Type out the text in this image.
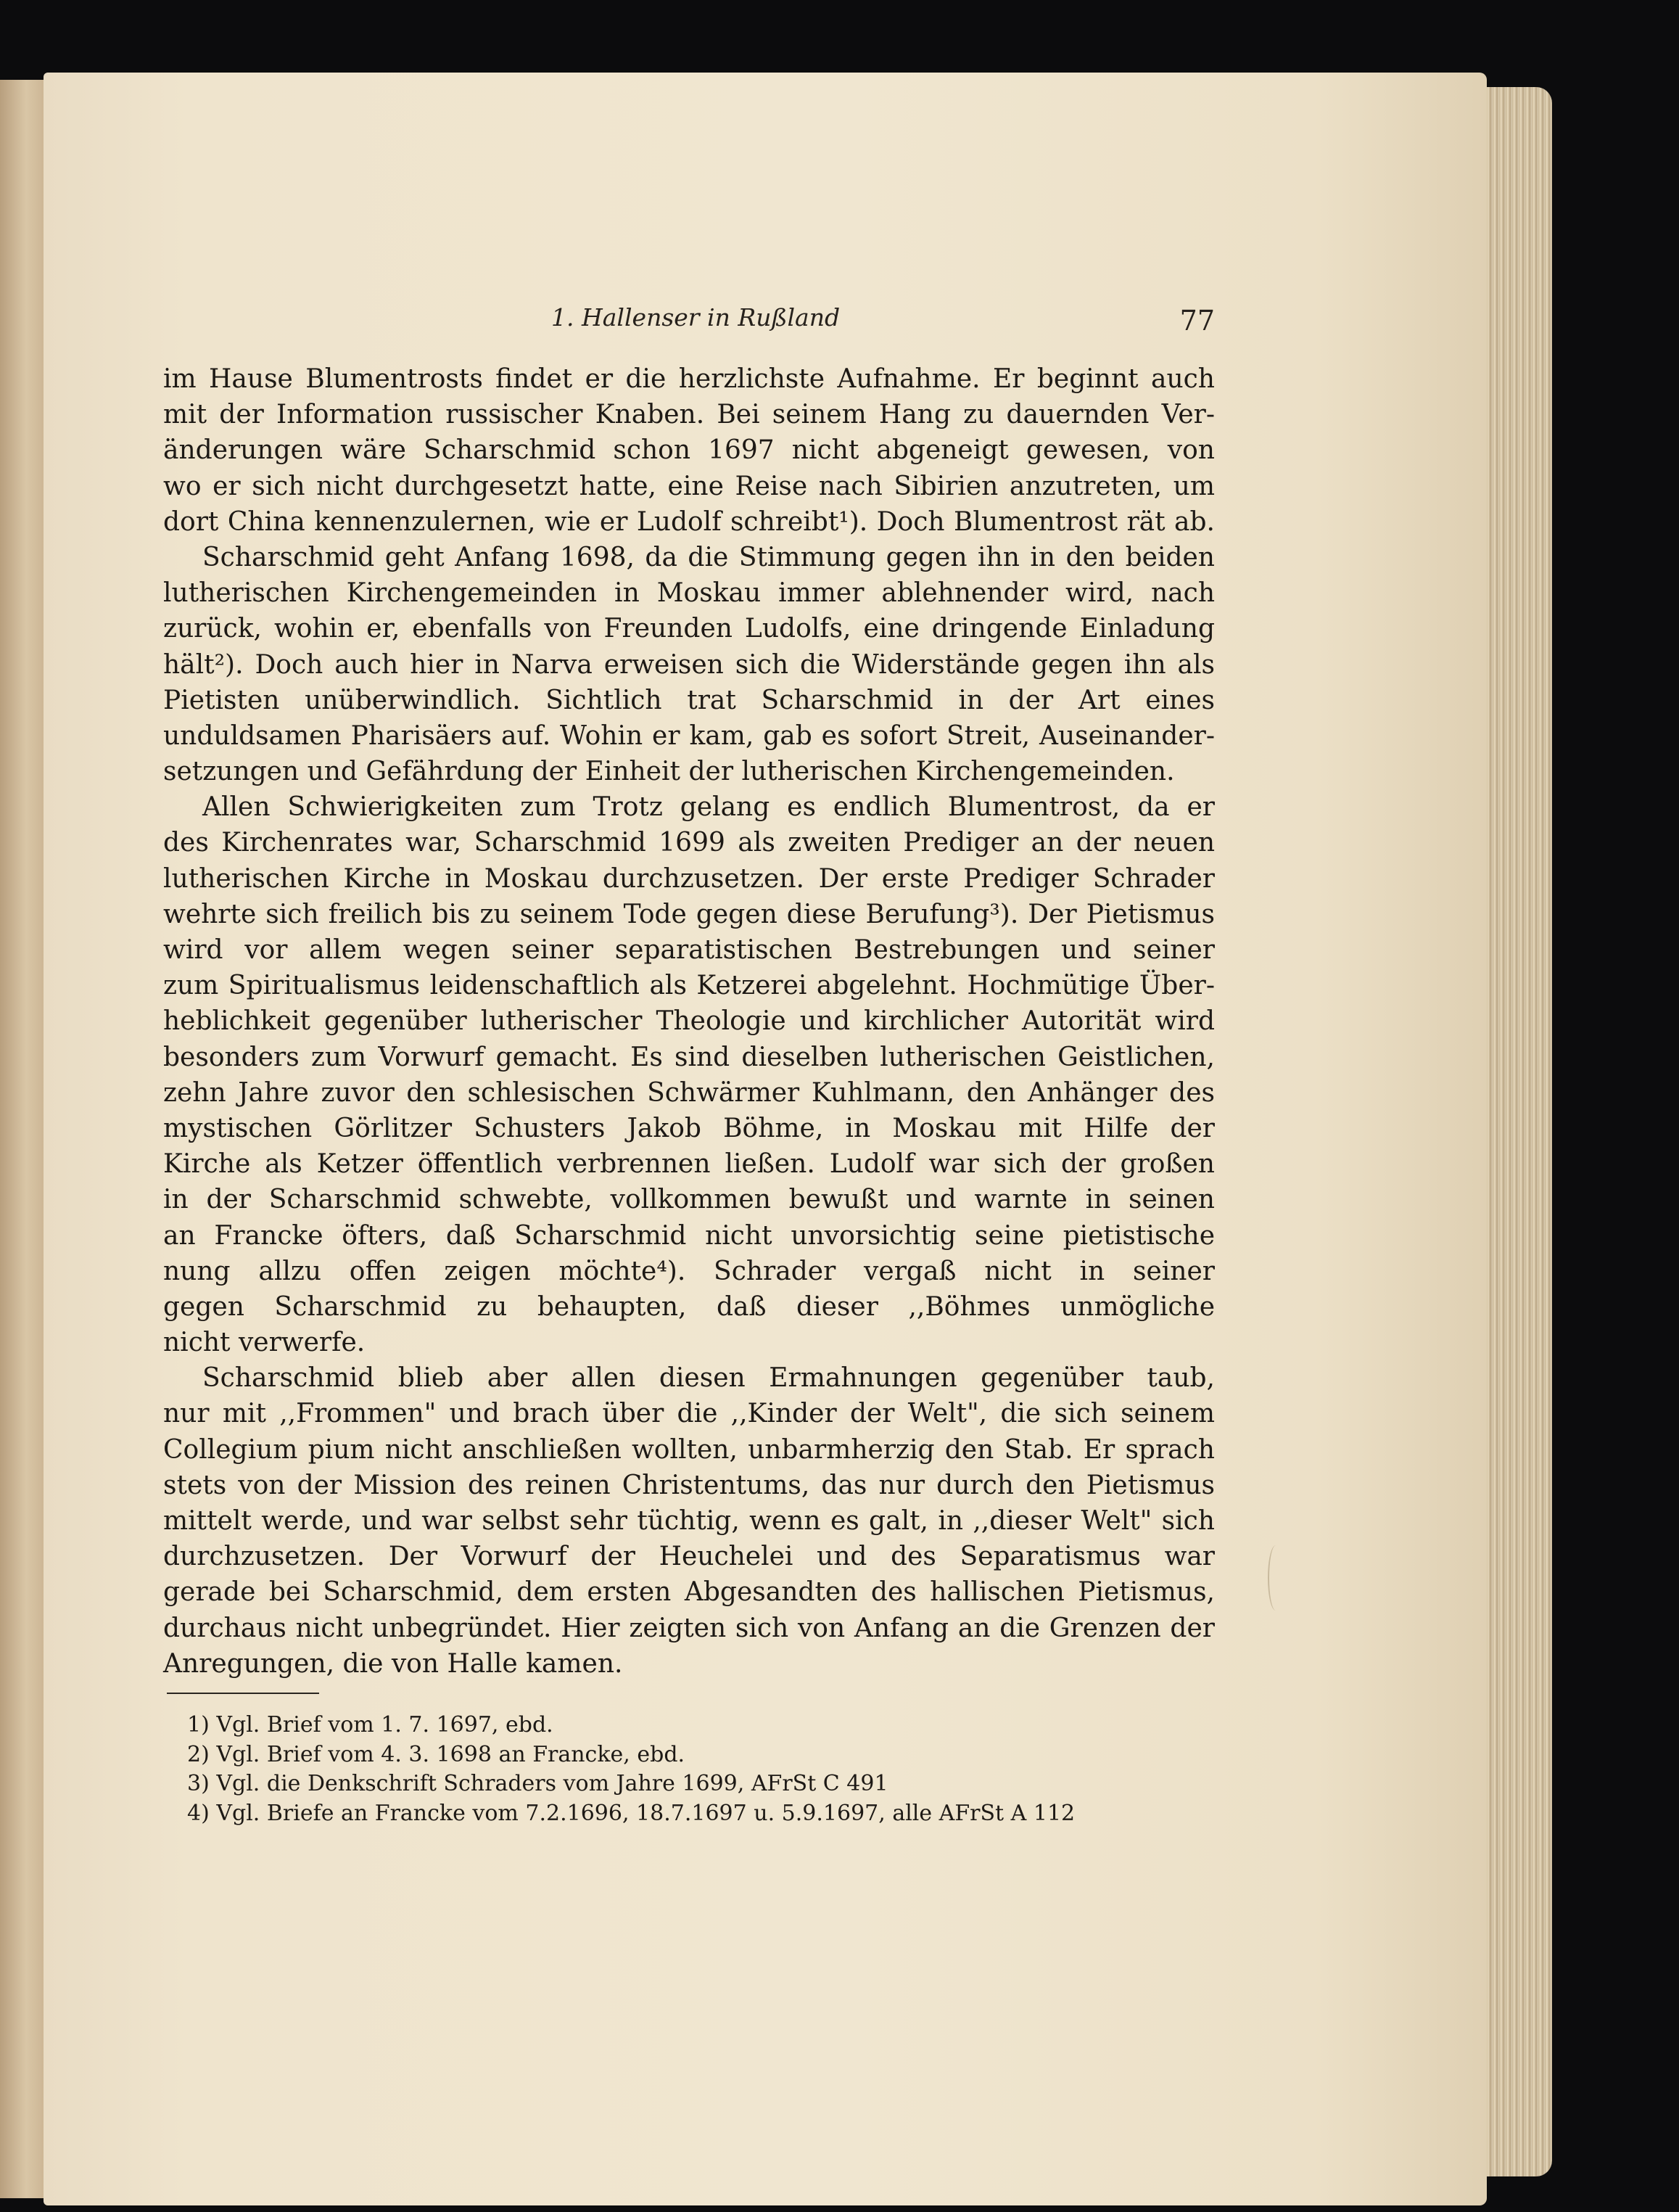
1. Hallenser in Rußland	77
im Hause Blumentrosts findet er die herzlichste Aufnahme. Er beginnt auch
mit der Information russischer Knaben. Bei seinem Hang zu dauernden Ver-
änderungen wäre Scharschmid schon 1697 nicht abgeneigt gewesen, von
wo er sich nicht durchgesetzt hatte, eine Reise nach Sibirien anzutreten, um
dort China kennenzulernen, wie er Ludolf schreibt¹). Doch Blumentrost rät ab.
Scharschmid geht Anfang 1698, da die Stimmung gegen ihn in den beiden
lutherischen Kirchengemeinden in Moskau immer ablehnender wird, nach
zurück, wohin er, ebenfalls von Freunden Ludolfs, eine dringende Einladung
hält²). Doch auch hier in Narva erweisen sich die Widerstände gegen ihn als
Pietisten unüberwindlich. Sichtlich trat Scharschmid in der Art eines
unduldsamen Pharisäers auf. Wohin er kam, gab es sofort Streit, Auseinander-
setzungen und Gefährdung der Einheit der lutherischen Kirchengemeinden.
Allen Schwierigkeiten zum Trotz gelang es endlich Blumentrost, da er
des Kirchenrates war, Scharschmid 1699 als zweiten Prediger an der neuen
lutherischen Kirche in Moskau durchzusetzen. Der erste Prediger Schrader
wehrte sich freilich bis zu seinem Tode gegen diese Berufung³). Der Pietismus
wird vor allem wegen seiner separatistischen Bestrebungen und seiner
zum Spiritualismus leidenschaftlich als Ketzerei abgelehnt. Hochmütige Über-
heblichkeit gegenüber lutherischer Theologie und kirchlicher Autorität wird
besonders zum Vorwurf gemacht. Es sind dieselben lutherischen Geistlichen,
zehn Jahre zuvor den schlesischen Schwärmer Kuhlmann, den Anhänger des
mystischen Görlitzer Schusters Jakob Böhme, in Moskau mit Hilfe der
Kirche als Ketzer öffentlich verbrennen ließen. Ludolf war sich der großen
in der Scharschmid schwebte, vollkommen bewußt und warnte in seinen
an Francke öfters, daß Scharschmid nicht unvorsichtig seine pietistische
nung allzu offen zeigen möchte⁴). Schrader vergaß nicht in seiner
gegen Scharschmid zu behaupten, daß dieser ,,Böhmes unmögliche
nicht verwerfe.
Scharschmid blieb aber allen diesen Ermahnungen gegenüber taub,
nur mit ,,Frommen" und brach über die ,,Kinder der Welt", die sich seinem
Collegium pium nicht anschließen wollten, unbarmherzig den Stab. Er sprach
stets von der Mission des reinen Christentums, das nur durch den Pietismus
mittelt werde, und war selbst sehr tüchtig, wenn es galt, in ,,dieser Welt" sich
durchzusetzen. Der Vorwurf der Heuchelei und des Separatismus war
gerade bei Scharschmid, dem ersten Abgesandten des hallischen Pietismus,
durchaus nicht unbegründet. Hier zeigten sich von Anfang an die Grenzen der
Anregungen, die von Halle kamen.
1) Vgl. Brief vom 1. 7. 1697, ebd.
2) Vgl. Brief vom 4. 3. 1698 an Francke, ebd.
3) Vgl. die Denkschrift Schraders vom Jahre 1699, AFrSt C 491
4) Vgl. Briefe an Francke vom 7.2.1696, 18.7.1697 u. 5.9.1697, alle AFrSt A 112
